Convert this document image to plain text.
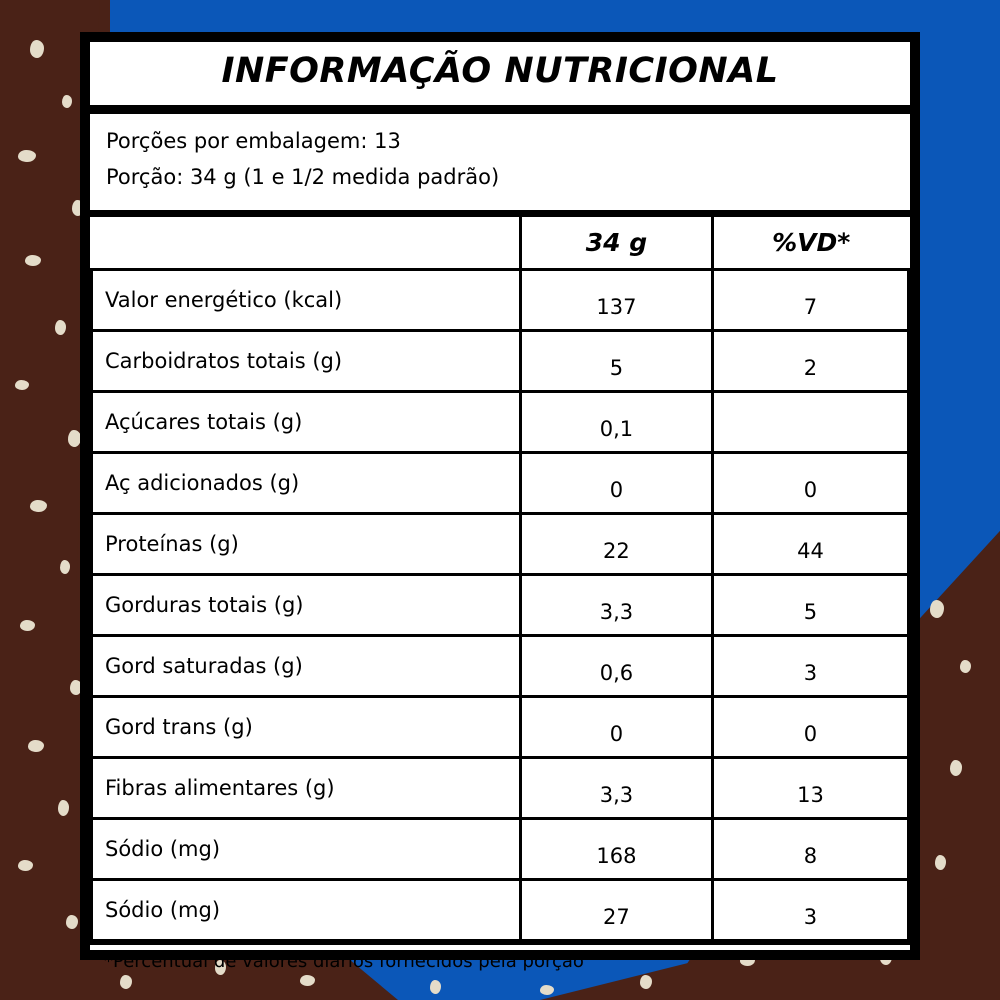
INFORMAÇÃO NUTRICIONAL
Porções por embalagem: 13
Porção: 34 g (1 e 1/2 medida padrão)
	34 g	%VD*
Valor energético (kcal)	137	7
Carboidratos totais (g)	5	2
Açúcares totais (g)	0,1	
Aç adicionados (g)	0	0
Proteínas (g)	22	44
Gorduras totais (g)	3,3	5
Gord saturadas (g)	0,6	3
Gord trans (g)	0	0
Fibras alimentares (g)	3,3	13
Sódio (mg)	168	8
Sódio (mg)	27	3
*Percentual de valores diários fornecidos pela porção
